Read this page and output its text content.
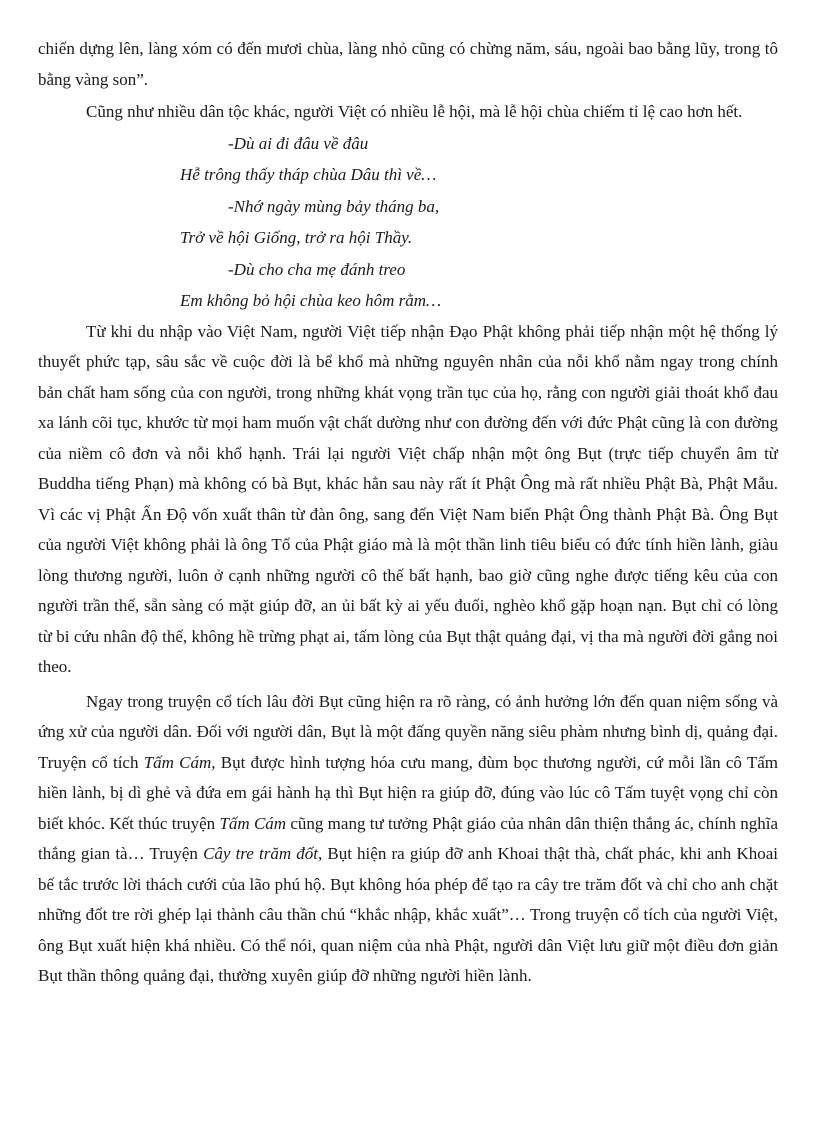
chiến dựng lên, làng xóm có đến mươi chùa, làng nhỏ cũng có chừng năm, sáu, ngoài bao bằng lũy, trong tô bằng vàng son”.

Cũng như nhiều dân tộc khác, người Việt có nhiều lễ hội, mà lễ hội chùa chiếm tỉ lệ cao hơn hết.

-Dù ai đi đâu về đâu

Hễ trông thấy tháp chùa Dâu thì về…

-Nhớ ngày mùng bảy tháng ba,

Trở về hội Giống, trở ra hội Thầy.

-Dù cho cha mẹ đánh treo

Em không bỏ hội chùa keo hôm rằm…

Từ khi du nhập vào Việt Nam, người Việt tiếp nhận Đạo Phật không phải tiếp nhận một hệ thống lý thuyết phức tạp, sâu sắc về cuộc đời là bể khổ mà những nguyên nhân của nỗi khổ nằm ngay trong chính bản chất ham sống của con người, trong những khát vọng trần tục của họ, rằng con người giải thoát khổ đau xa lánh cõi tục, khước từ mọi ham muốn vật chất dường như con đường đến với đức Phật cũng là con đường của niềm cô đơn và nỗi khổ hạnh. Trái lại người Việt chấp nhận một ông Bụt (trực tiếp chuyển âm từ Buddha tiếng Phạn) mà không có bà Bụt, khác hẳn sau này rất ít Phật Ông mà rất nhiều Phật Bà, Phật Mẫu. Vì các vị Phật Ấn Độ vốn xuất thân từ đàn ông, sang đến Việt Nam biến Phật Ông thành Phật Bà. Ông Bụt của người Việt không phải là ông Tổ của Phật giáo mà là một thần linh tiêu biểu có đức tính hiền lành, giàu lòng thương người, luôn ở cạnh những người cô thế bất hạnh, bao giờ cũng nghe được tiếng kêu của con người trần thế, sẵn sàng có mặt giúp đỡ, an ủi bất kỳ ai yếu đuối, nghèo khổ gặp hoạn nạn. Bụt chỉ có lòng từ bi cứu nhân độ thế, không hề trừng phạt ai, tấm lòng của Bụt thật quảng đại, vị tha mà người đời gắng noi theo.

Ngay trong truyện cổ tích lâu đời Bụt cũng hiện ra rõ ràng, có ảnh hưởng lớn đến quan niệm sống và ứng xử của người dân. Đối với người dân, Bụt là một đấng quyền năng siêu phàm nhưng bình dị, quảng đại. Truyện cổ tích Tấm Cám, Bụt được hình tượng hóa cưu mang, đùm bọc thương người, cứ mỗi lần cô Tấm hiền lành, bị dì ghẻ và đứa em gái hành hạ thì Bụt hiện ra giúp đỡ, đúng vào lúc cô Tấm tuyệt vọng chỉ còn biết khóc. Kết thúc truyện Tấm Cám cũng mang tư tưởng Phật giáo của nhân dân thiện thắng ác, chính nghĩa thắng gian tà… Truyện Cây tre trăm đốt, Bụt hiện ra giúp đỡ anh Khoai thật thà, chất phác, khi anh Khoai bế tắc trước lời thách cưới của lão phú hộ. Bụt không hóa phép để tạo ra cây tre trăm đốt và chỉ cho anh chặt những đốt tre rời ghép lại thành câu thần chú “khắc nhập, khắc xuất”… Trong truyện cổ tích của người Việt, ông Bụt xuất hiện khá nhiều. Có thể nói, quan niệm của nhà Phật, người dân Việt lưu giữ một điều đơn giản Bụt thần thông quảng đại, thường xuyên giúp đỡ những người hiền lành.
